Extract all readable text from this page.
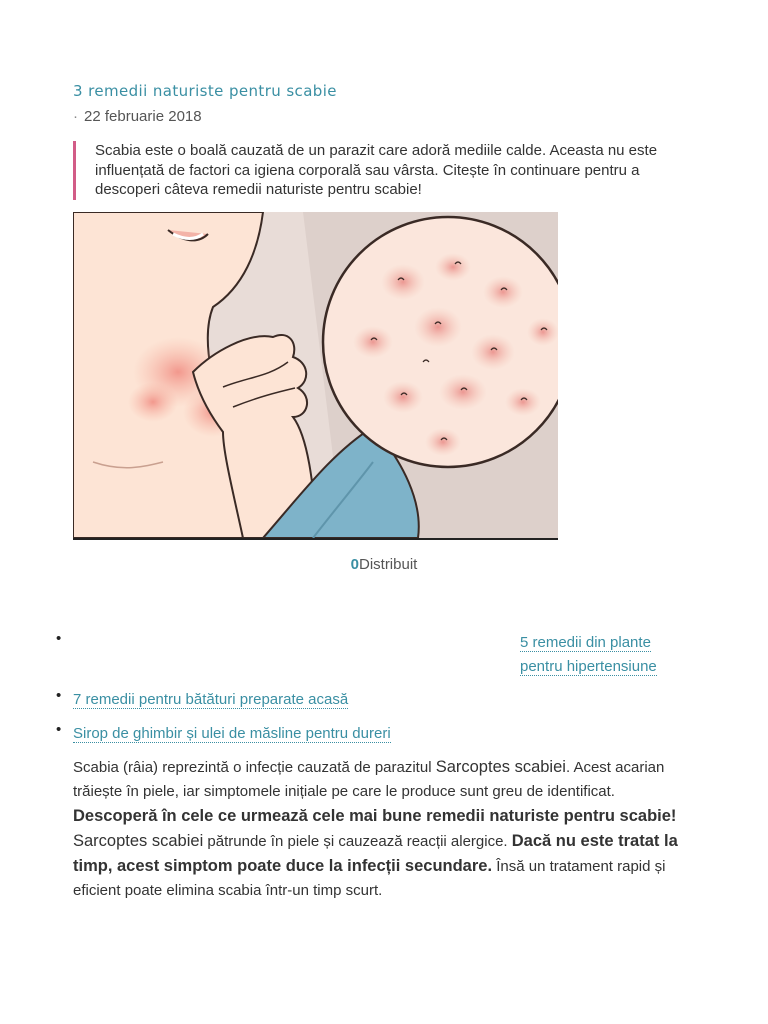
3 remedii naturiste pentru scabie
· 22 februarie 2018
Scabia este o boală cauzată de un parazit care adoră mediile calde. Aceasta nu este influențată de factori ca igiena corporală sau vârsta. Citește în continuare pentru a descoperi câteva remedii naturiste pentru scabie!
0Distribuit
5 remedii din plante
pentru hipertensiune
• 7 remedii pentru bătături preparate acasă
• Sirop de ghimbir și ulei de măsline pentru dureri

Scabia (râia) reprezintă o infecție cauzată de parazitul Sarcoptes scabiei. Acest acarian trăiește în piele, iar simptomele inițiale pe care le produce sunt greu de identificat. Descoperă în cele ce urmează cele mai bune remedii naturiste pentru scabie!

Sarcoptes scabiei pătrunde în piele și cauzează reacții alergice. Dacă nu este tratat la timp, acest simptom poate duce la infecții secundare. Însă un tratament rapid și eficient poate elimina scabia într-un timp scurt.
